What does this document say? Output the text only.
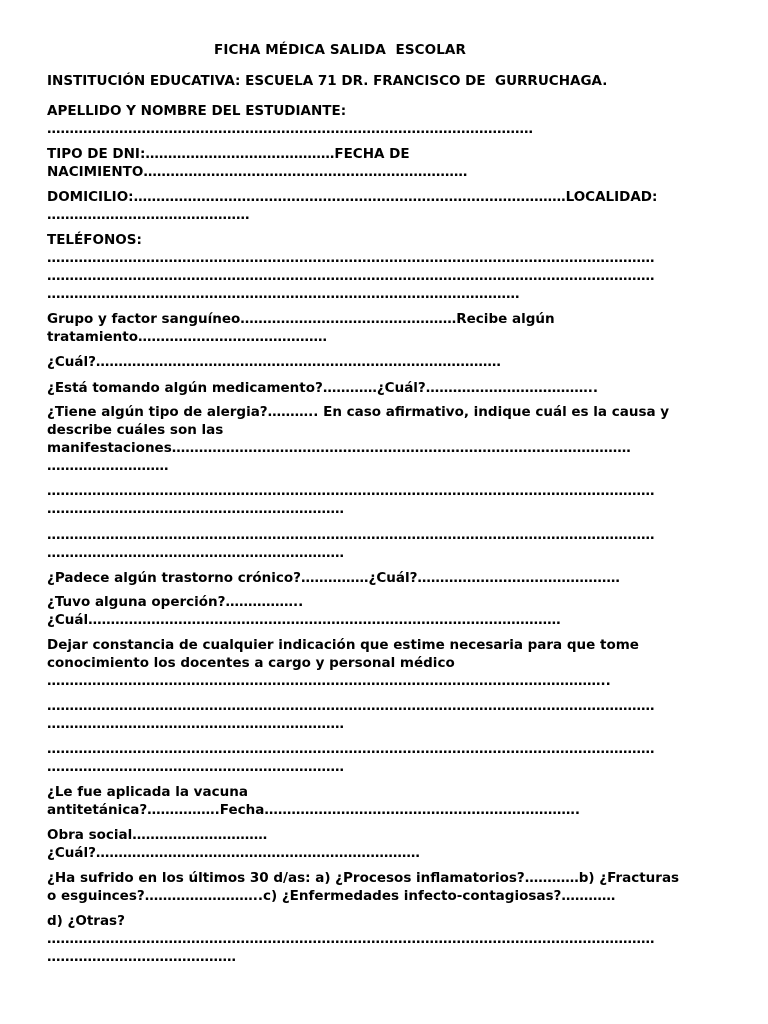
FICHA MÉDICA SALIDA  ESCOLAR
INSTITUCIÓN EDUCATIVA: ESCUELA 71 DR. FRANCISCO DE  GURRUCHAGA.
APELLIDO Y NOMBRE DEL ESTUDIANTE:
………………………………………………………………………………………………
TIPO DE DNI:……………………………………FECHA DE
NACIMIENTO………………………………………………………………
DOMICILIO:……………………………………………………………………………………LOCALIDAD:
………………………………………
TELÉFONOS:
………………………………………………………………………………………………………………………
………………………………………………………………………………………………………………………
……………………………………………………………………………………………
Grupo y factor sanguíneo…………………………………………Recibe algún
tratamiento……………………………………
¿Cuál?………………………………………………………………………………
¿Está tomando algún medicamento?…………¿Cuál?………………………………..
¿Tiene algún tipo de alergia?……….. En caso afirmativo, indique cuál es la causa y
describe cuáles son las
manifestaciones…………………………………………………………………………………………
………………………
………………………………………………………………………………………………………………………
…………………………………………………………
………………………………………………………………………………………………………………………
…………………………………………………………
¿Padece algún trastorno crónico?……………¿Cuál?………………………………………
¿Tuvo alguna operción?……………..
¿Cuál……………………………………………………………………………………………
Dejar constancia de cualquier indicación que estime necesaria para que tome
conocimiento los docentes a cargo y personal médico
……………………………………………………………………………………………………………..
………………………………………………………………………………………………………………………
…………………………………………………………
………………………………………………………………………………………………………………………
…………………………………………………………
¿Le fue aplicada la vacuna
antitetánica?…………….Fecha…………………………………………………………….
Obra social…………………………
¿Cuál?………………………………………………………………
¿Ha sufrido en los últimos 30 d/as: a) ¿Procesos inflamatorios?…………b) ¿Fracturas
o esguinces?……………………..c) ¿Enfermedades infecto-contagiosas?…………
d) ¿Otras?
………………………………………………………………………………………………………………………
……………………………………
